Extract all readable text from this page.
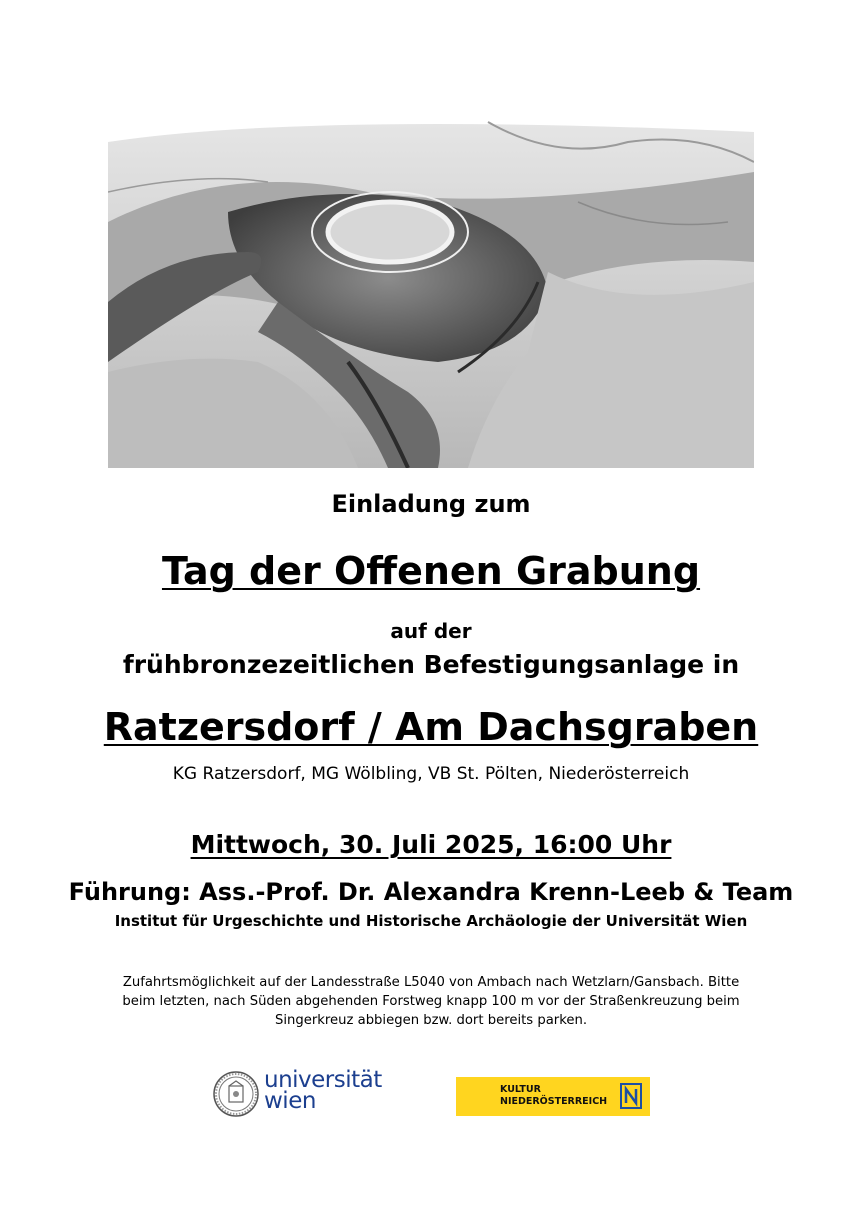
Einladung zum
Tag der Offenen Grabung
auf der
frühbronzezeitlichen Befestigungsanlage in
Ratzersdorf / Am Dachsgraben
KG Ratzersdorf, MG Wölbling, VB St. Pölten, Niederösterreich
Mittwoch, 30. Juli 2025, 16:00 Uhr
Führung: Ass.-Prof. Dr. Alexandra Krenn-Leeb & Team
Institut für Urgeschichte und Historische Archäologie der Universität Wien
Zufahrtsmöglichkeit auf der Landesstraße L5040 von Ambach nach Wetzlarn/Gansbach. Bitte
beim letzten, nach Süden abgehenden Forstweg knapp 100 m vor der Straßenkreuzung beim
Singerkreuz abbiegen bzw. dort bereits parken.
universität
wien	KULTUR
NIEDERÖSTERREICH
